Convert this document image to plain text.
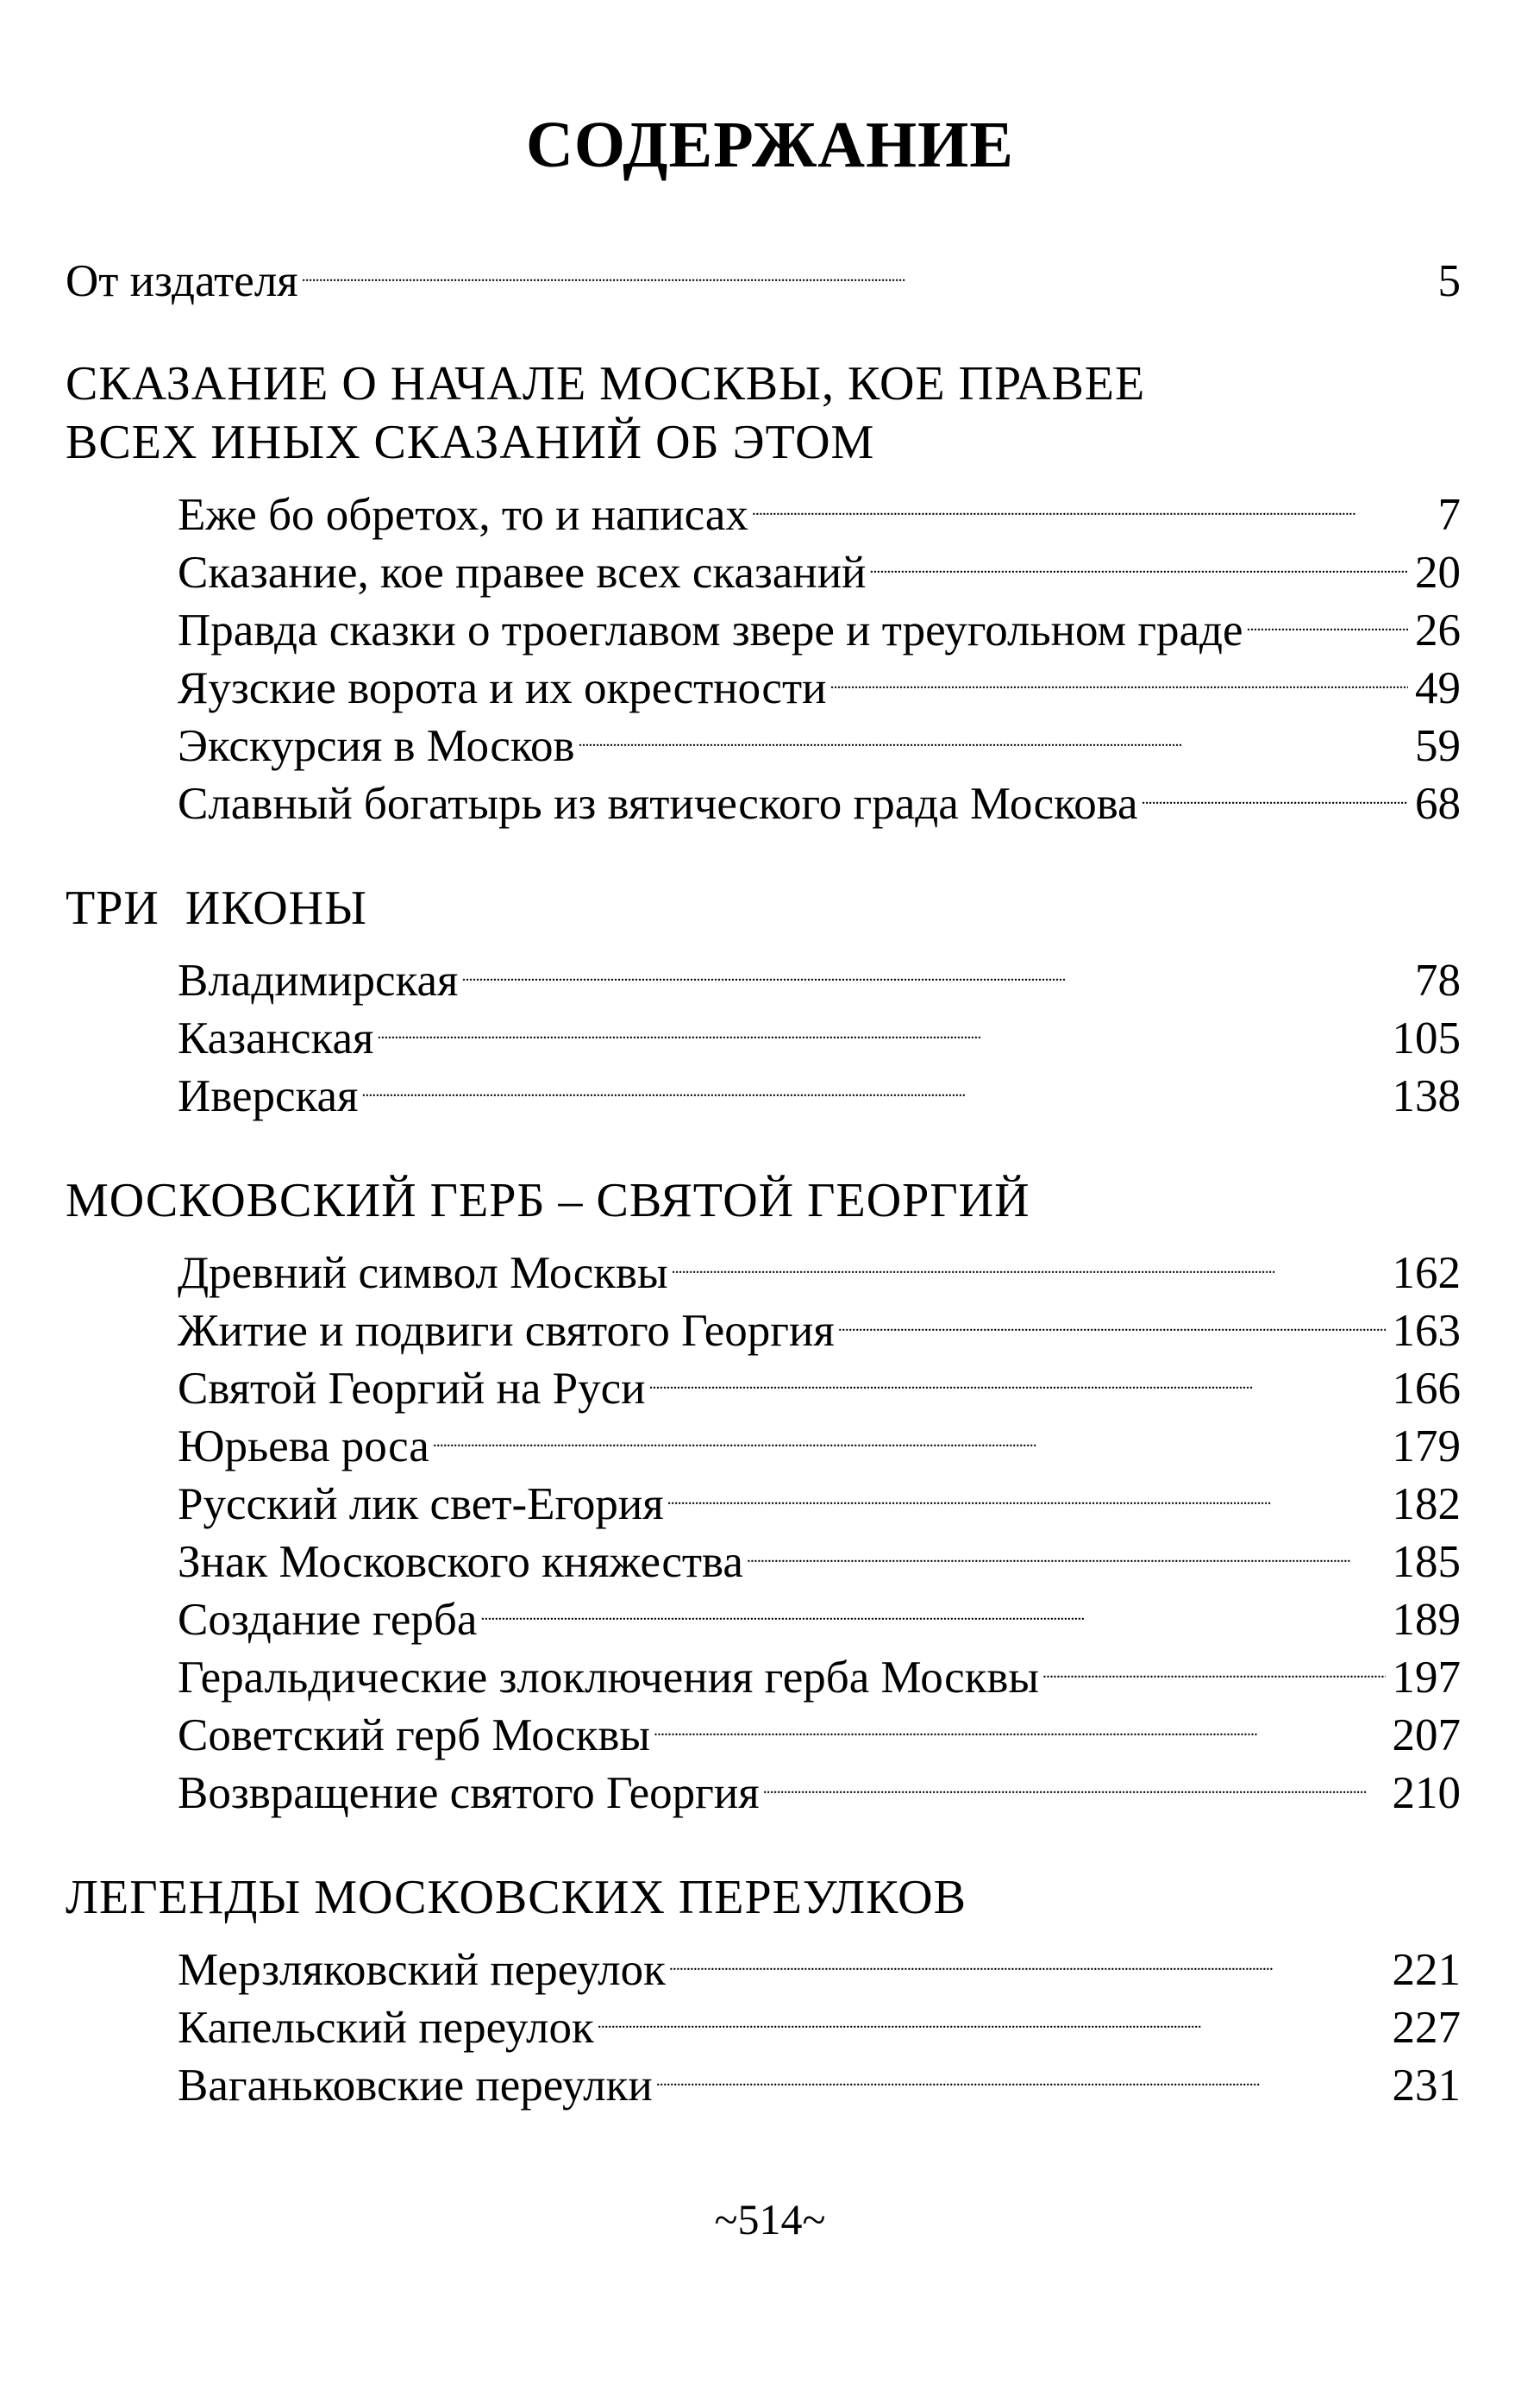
СОДЕРЖАНИЕ
От издателя . . .	5
СКАЗАНИЕ О НАЧАЛЕ МОСКВЫ, КОЕ ПРАВЕЕ
ВСЕХ ИНЫХ СКАЗАНИЙ ОБ ЭТОМ
Еже бо обретох, то и написах . . .	7
Сказание, кое правее всех сказаний . . .	20
Правда сказки о троеглавом звере и треугольном граде . . .	26
Яузские ворота и их окрестности . . .	49
Экскурсия в Москов . . .	59
Славный богатырь из вятического града Москова . . .	68
ТРИ  ИКОНЫ
Владимирская . . .	78
Казанская . . .	105
Иверская . . .	138
МОСКОВСКИЙ ГЕРБ – СВЯТОЙ ГЕОРГИЙ
Древний символ Москвы . . .	162
Житие и подвиги святого Георгия . . .	163
Святой Георгий на Руси . . .	166
Юрьева роса . . .	179
Русский лик свет-Егория . . .	182
Знак Московского княжества . . .	185
Создание герба . . .	189
Геральдические злоключения герба Москвы . . .	197
Советский герб Москвы . . .	207
Возвращение святого Георгия . . .	210
ЛЕГЕНДЫ МОСКОВСКИХ ПЕРЕУЛКОВ
Мерзляковский переулок . . .	221
Капельский переулок . . .	227
Ваганьковские переулки . . .	231
~514~
